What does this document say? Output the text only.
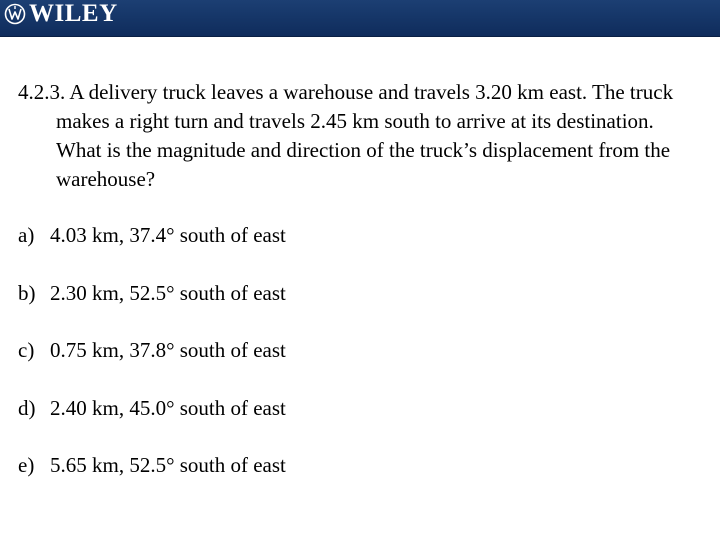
WILEY

4.2.3. A delivery truck leaves a warehouse and travels 3.20 km east. The truck makes a right turn and travels 2.45 km south to arrive at its destination. What is the magnitude and direction of the truck’s displacement from the warehouse?

a) 4.03 km, 37.4° south of east
b) 2.30 km, 52.5° south of east
c) 0.75 km, 37.8° south of east
d) 2.40 km, 45.0° south of east
e) 5.65 km, 52.5° south of east
